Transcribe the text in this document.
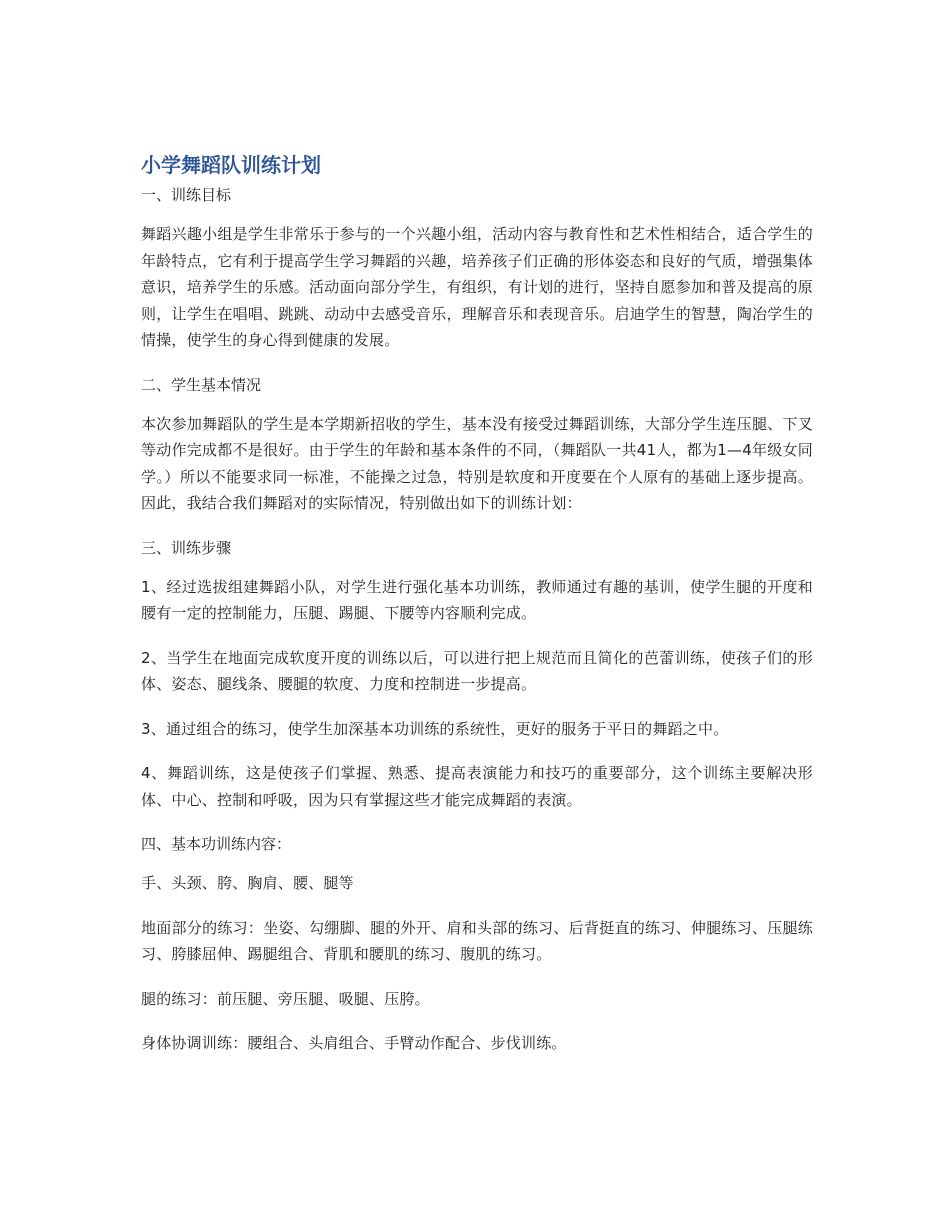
小学舞蹈队训练计划
一、训练目标

舞蹈兴趣小组是学生非常乐于参与的一个兴趣小组，活动内容与教育性和艺术性相结合，适合学生的年龄特点，它有利于提高学生学习舞蹈的兴趣，培养孩子们正确的形体姿态和良好的气质，增强集体意识，培养学生的乐感。活动面向部分学生，有组织，有计划的进行，坚持自愿参加和普及提高的原则，让学生在唱唱、跳跳、动动中去感受音乐，理解音乐和表现音乐。启迪学生的智慧，陶冶学生的情操，使学生的身心得到健康的发展。

二、学生基本情况

本次参加舞蹈队的学生是本学期新招收的学生，基本没有接受过舞蹈训练，大部分学生连压腿、下叉等动作完成都不是很好。由于学生的年龄和基本条件的不同，（舞蹈队一共41人，都为1—4年级女同学。）所以不能要求同一标准，不能操之过急，特别是软度和开度要在个人原有的基础上逐步提高。因此，我结合我们舞蹈对的实际情况，特别做出如下的训练计划：

三、训练步骤

1、经过选拔组建舞蹈小队，对学生进行强化基本功训练，教师通过有趣的基训，使学生腿的开度和腰有一定的控制能力，压腿、踢腿、下腰等内容顺利完成。

2、当学生在地面完成软度开度的训练以后，可以进行把上规范而且简化的芭蕾训练，使孩子们的形体、姿态、腿线条、腰腿的软度、力度和控制进一步提高。

3、通过组合的练习，使学生加深基本功训练的系统性，更好的服务于平日的舞蹈之中。

4、舞蹈训练，这是使孩子们掌握、熟悉、提高表演能力和技巧的重要部分，这个训练主要解决形体、中心、控制和呼吸，因为只有掌握这些才能完成舞蹈的表演。

四、基本功训练内容：

手、头颈、胯、胸肩、腰、腿等

地面部分的练习：坐姿、勾绷脚、腿的外开、肩和头部的练习、后背挺直的练习、伸腿练习、压腿练习、胯膝屈伸、踢腿组合、背肌和腰肌的练习、腹肌的练习。

腿的练习：前压腿、旁压腿、吸腿、压胯。

身体协调训练：腰组合、头肩组合、手臂动作配合、步伐训练。
